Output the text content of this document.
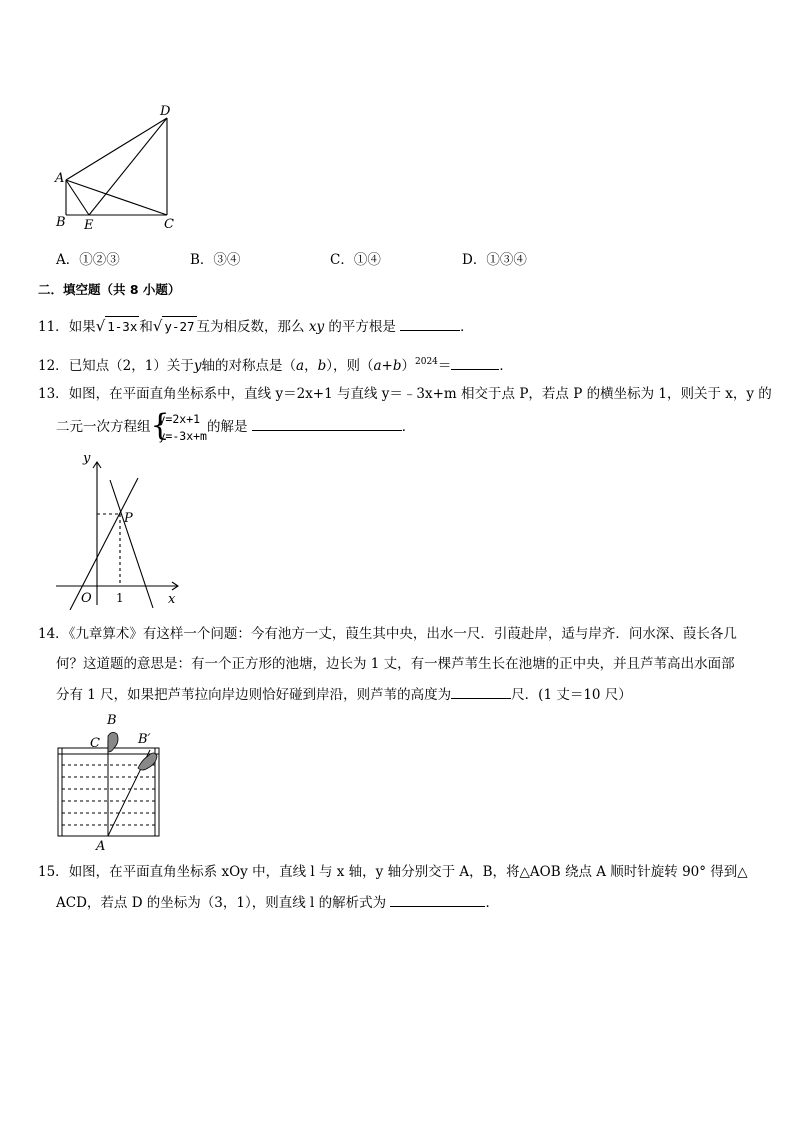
D
A
B E	C
A．①②③	B．③④	C．①④	D．①③④
二．填空题（共 8 小题）
11．如果√ 1-3x 和√ y-27 互为相反数，那么 xy 的平方根是	．
12．已知点（2，1）关于y轴的对称点是（a，b），则$(a+b)^{2024}=$	．
13．如图，在平面直角坐标系中，直线 y＝2x+1 与直线 y＝﹣3x+m 相交于点 P，若点 P 的横坐标为 1，则关于 x，y 的
二元一次方程组 {
y=2x+1
y=-3x+m
的解是	．
y
x
O 1
P
14．《九章算术》有这样一个问题：今有池方一丈，葭生其中央，出水一尺．引葭赴岸，适与岸齐．问水深、葭长各几
何？这道题的意思是：有一个正方形的池塘，边长为 1 丈，有一棵芦苇生长在池塘的正中央，并且芦苇高出水面部
分有 1 尺，如果把芦苇拉向岸边则恰好碰到岸沿，则芦苇的高度为	尺．(1 丈＝10 尺）
B
C	B′
A
15．如图，在平面直角坐标系 xOy 中，直线 l 与 x 轴，y 轴分别交于 A，B，将△AOB 绕点 A 顺时针旋转 90° 得到△
ACD，若点 D 的坐标为（3，1），则直线 l 的解析式为	．
